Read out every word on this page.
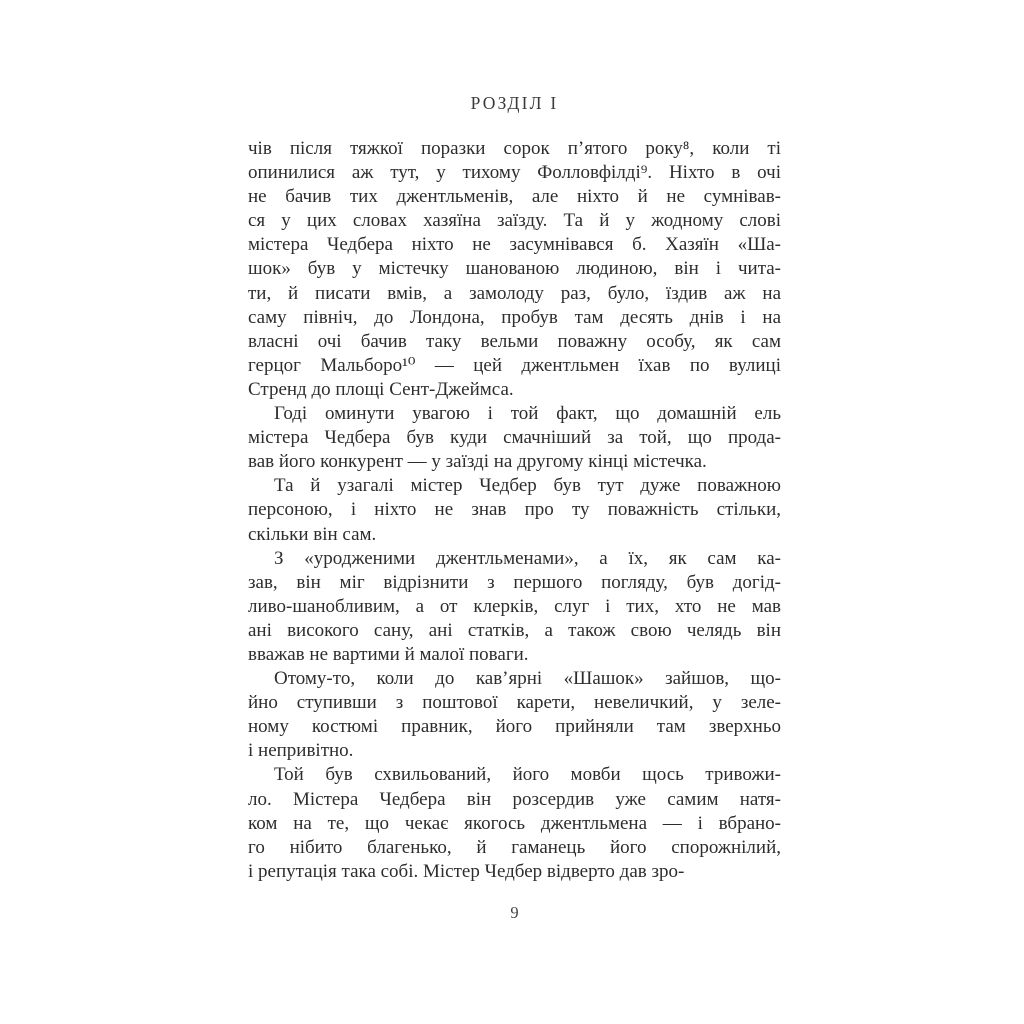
РОЗДІЛ I
чів після тяжкої поразки сорок п’ятого року⁸, коли ті
опинилися аж тут, у тихому Фолловфілді⁹. Ніхто в очі
не бачив тих джентльменів, але ніхто й не сумнівав-
ся у цих словах хазяїна заїзду. Та й у жодному слові
містера Чедбера ніхто не засумнівався б. Хазяїн «Ша-
шок» був у містечку шанованою людиною, він і чита-
ти, й писати вмів, а замолоду раз, було, їздив аж на
саму північ, до Лондона, пробув там десять днів і на
власні очі бачив таку вельми поважну особу, як сам
герцог Мальборо¹⁰ — цей джентльмен їхав по вулиці
Стренд до площі Сент-Джеймса.
Годі оминути увагою і той факт, що домашній ель
містера Чедбера був куди смачніший за той, що прода-
вав його конкурент — у заїзді на другому кінці містечка.
Та й узагалі містер Чедбер був тут дуже поважною
персоною, і ніхто не знав про ту поважність стільки,
скільки він сам.
З «уродженими джентльменами», а їх, як сам ка-
зав, він міг відрізнити з першого погляду, був догід-
ливо-шанобливим, а от клерків, слуг і тих, хто не мав
ані високого сану, ані статків, а також свою челядь він
вважав не вартими й малої поваги.
Отому-то, коли до кав’ярні «Шашок» зайшов, що-
йно ступивши з поштової карети, невеличкий, у зеле-
ному костюмі правник, його прийняли там зверхньо
і непривітно.
Той був схвильований, його мовби щось тривожи-
ло. Містера Чедбера він розсердив уже самим натя-
ком на те, що чекає якогось джентльмена — і вбрано-
го нібито благенько, й гаманець його спорожнілий,
і репутація така собі. Містер Чедбер відверто дав зро-
9
